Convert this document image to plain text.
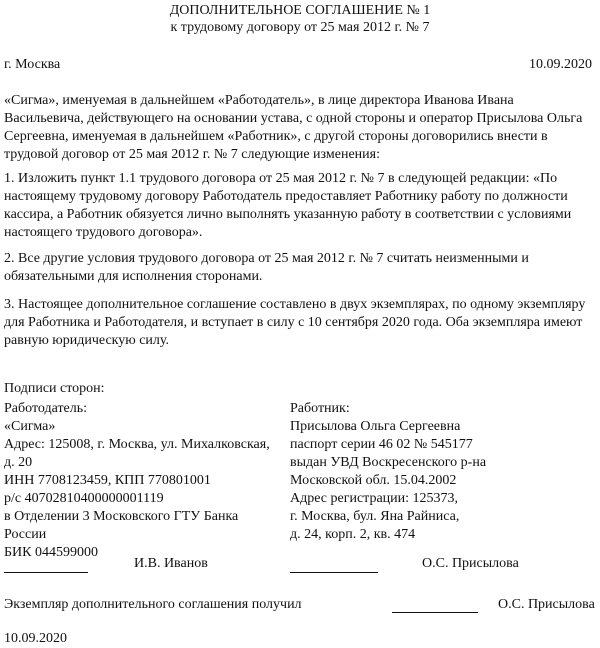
ДОПОЛНИТЕЛЬНОЕ СОГЛАШЕНИЕ № 1
к трудовому договору от 25 мая 2012 г. № 7
г. Москва	10.09.2020
«Сигма», именуемая в дальнейшем «Работодатель», в лице директора Иванова Ивана
Васильевича, действующего на основании устава, с одной стороны и оператор Присылова Ольга
Сергеевна, именуемая в дальнейшем «Работник», с другой стороны договорились внести в
трудовой договор от 25 мая 2012 г. № 7 следующие изменения:
1. Изложить пункт 1.1 трудового договора от 25 мая 2012 г. № 7 в следующей редакции: «По
настоящему трудовому договору Работодатель предоставляет Работнику работу по должности
кассира, а Работник обязуется лично выполнять указанную работу в соответствии с условиями
настоящего трудового договора».
2. Все другие условия трудового договора от 25 мая 2012 г. № 7 считать неизменными и
обязательными для исполнения сторонами.
3. Настоящее дополнительное соглашение составлено в двух экземплярах, по одному экземпляру
для Работника и Работодателя, и вступает в силу с 10 сентября 2020 года. Оба экземпляра имеют
равную юридическую силу.
Подписи сторон:
Работодатель:
«Сигма»
Адрес: 125008, г. Москва, ул. Михалковская,
д. 20
ИНН 7708123459, КПП 770801001
р/с 40702810400000001119
в Отделении 3 Московского ГТУ Банка
России
БИК 044599000
Работник:
Присылова Ольга Сергеевна
паспорт серии 46 02 № 545177
выдан УВД Воскресенского р-на
Московской обл. 15.04.2002
Адрес регистрации: 125373,
г. Москва, бул. Яна Райниса,
д. 24, корп. 2, кв. 474
И.В. Иванов	О.С. Присылова
Экземпляр дополнительного соглашения получил	О.С. Присылова
10.09.2020
